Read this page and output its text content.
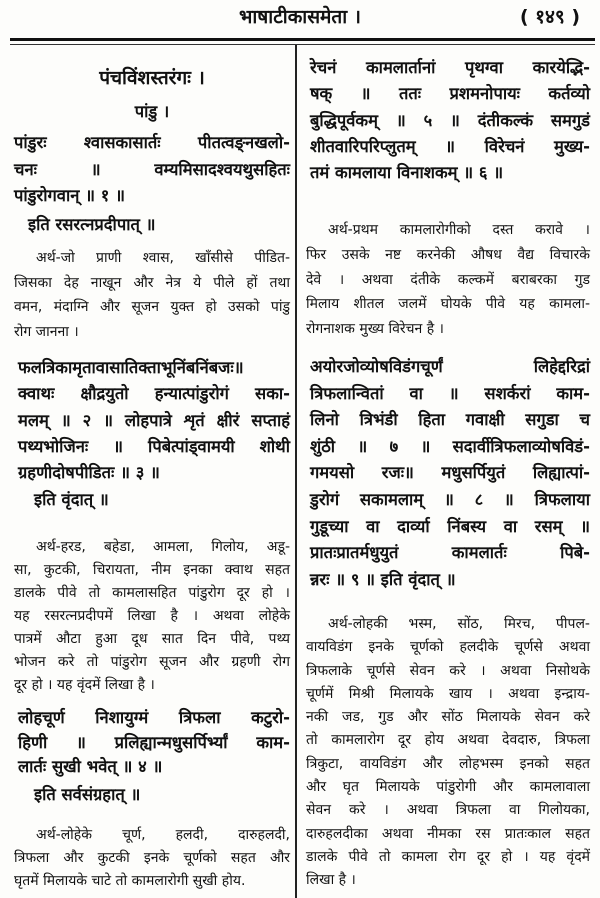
भाषाटीकासमेता ।	( १४९ )
पंचविंशस्तरंगः ।
पांडु ।
पांडुरः श्वासकासार्तः पीतत्वङ्नखलो-
चनः ॥ वम्यमिसादश्वयथुसहितः
पांडुरोगवान् ॥ १ ॥
इति रसरत्नप्रदीपात् ॥
अर्थ-जो प्राणी श्वास, खाँसीसे पीडित-
जिसका देह नाखून और नेत्र ये पीले हों तथा
वमन, मंदाग्नि और सूजन युक्त हो उसको पांडु
रोग जानना ।
फलत्रिकामृतावासातिक्ताभूनिंबनिंबजः॥
क्वाथः क्षौद्रयुतो हन्यात्पांडुरोगं सका-
मलम् ॥ २ ॥ लोहपात्रे शृतं क्षीरं सप्ताहं
पथ्यभोजिनः ॥ पिबेत्पांड्वामयी शोथी
ग्रहणीदोषपीडितः ॥ ३ ॥
इति वृंदात् ॥
अर्थ-हरड, बहेडा, आमला, गिलोय, अडू-
सा, कुटकी, चिरायता, नीम इनका क्वाथ सहत
डालके पीवे तो कामलासहित पांडुरोग दूर हो ।
यह रसरत्नप्रदीपमें लिखा है । अथवा लोहेके
पात्रमें औटा हुआ दूध सात दिन पीवे, पथ्य
भोजन करे तो पांडुरोग सूजन और ग्रहणी रोग
दूर हो । यह वृंदमें लिखा है ।
लोहचूर्ण निशायुग्मं त्रिफला कटुरो-
हिणी ॥ प्रलिह्यान्मधुसर्पिर्भ्यां काम-
लार्तः सुखी भवेत् ॥ ४ ॥
इति सर्वसंग्रहात् ॥
अर्थ-लोहेके चूर्ण, हलदी, दारुहलदी,
त्रिफला और कुटकी इनके चूर्णको सहत और
घृतमें मिलायके चाटे तो कामलारोगी सुखी होय.
रेचनं कामलार्तानां पृथग्वा कारयेद्भि-
षक् ॥ ततः प्रशमनोपायः कर्तव्यो
बुद्धिपूर्वकम् ॥ ५ ॥ दंतीकल्कं समगुडं
शीतवारिपरिप्लुतम् ॥ विरेचनं मुख्य-
तमं कामलाया विनाशकम् ॥ ६ ॥
अर्थ-प्रथम कामलारोगीको दस्त करावे ।
फिर उसके नष्ट करनेकी औषध वैद्य विचारके
देवे । अथवा दंतीके कल्कमें बराबरका गुड
मिलाय शीतल जलमें घोयके पीवे यह कामला-
रोगनाशक मुख्य विरेचन है ।
अयोरजोव्योषविडंगचूर्णं लिहेद्दरिद्रां
त्रिफलान्वितां वा ॥ सशर्करां काम-
लिनो त्रिभंडी हिता गवाक्षी सगुडा च
शुंठी ॥ ७ ॥ सदार्वीत्रिफलाव्योषविडं-
गमयसो रजः॥ मधुसर्पियुतं लिह्यात्पां-
डुरोगं सकामलाम् ॥ ८ ॥ त्रिफलाया
गुडूच्या वा दार्व्या निंबस्य वा रसम् ॥
प्रातःप्रातर्मधुयुतं कामलार्तः पिबे-
न्नरः ॥ ९ ॥ इति वृंदात् ॥
अर्थ-लोहकी भस्म, सोंठ, मिरच, पीपल-
वायविडंग इनके चूर्णको हलदीके चूर्णसे अथवा
त्रिफलाके चूर्णसे सेवन करे । अथवा निसोथके
चूर्णमें मिश्री मिलायके खाय । अथवा इन्द्राय-
नकी जड, गुड और सोंठ मिलायके सेवन करे
तो कामलारोग दूर होय अथवा देवदारु, त्रिफला
त्रिकुटा, वायविडंग और लोहभस्म इनको सहत
और घृत मिलायके पांडुरोगी और कामलावाला
सेवन करे । अथवा त्रिफला वा गिलोयका,
दारुहलदीका अथवा नीमका रस प्रातःकाल सहत
डालके पीवे तो कामला रोग दूर हो । यह वृंदमें
लिखा है ।
